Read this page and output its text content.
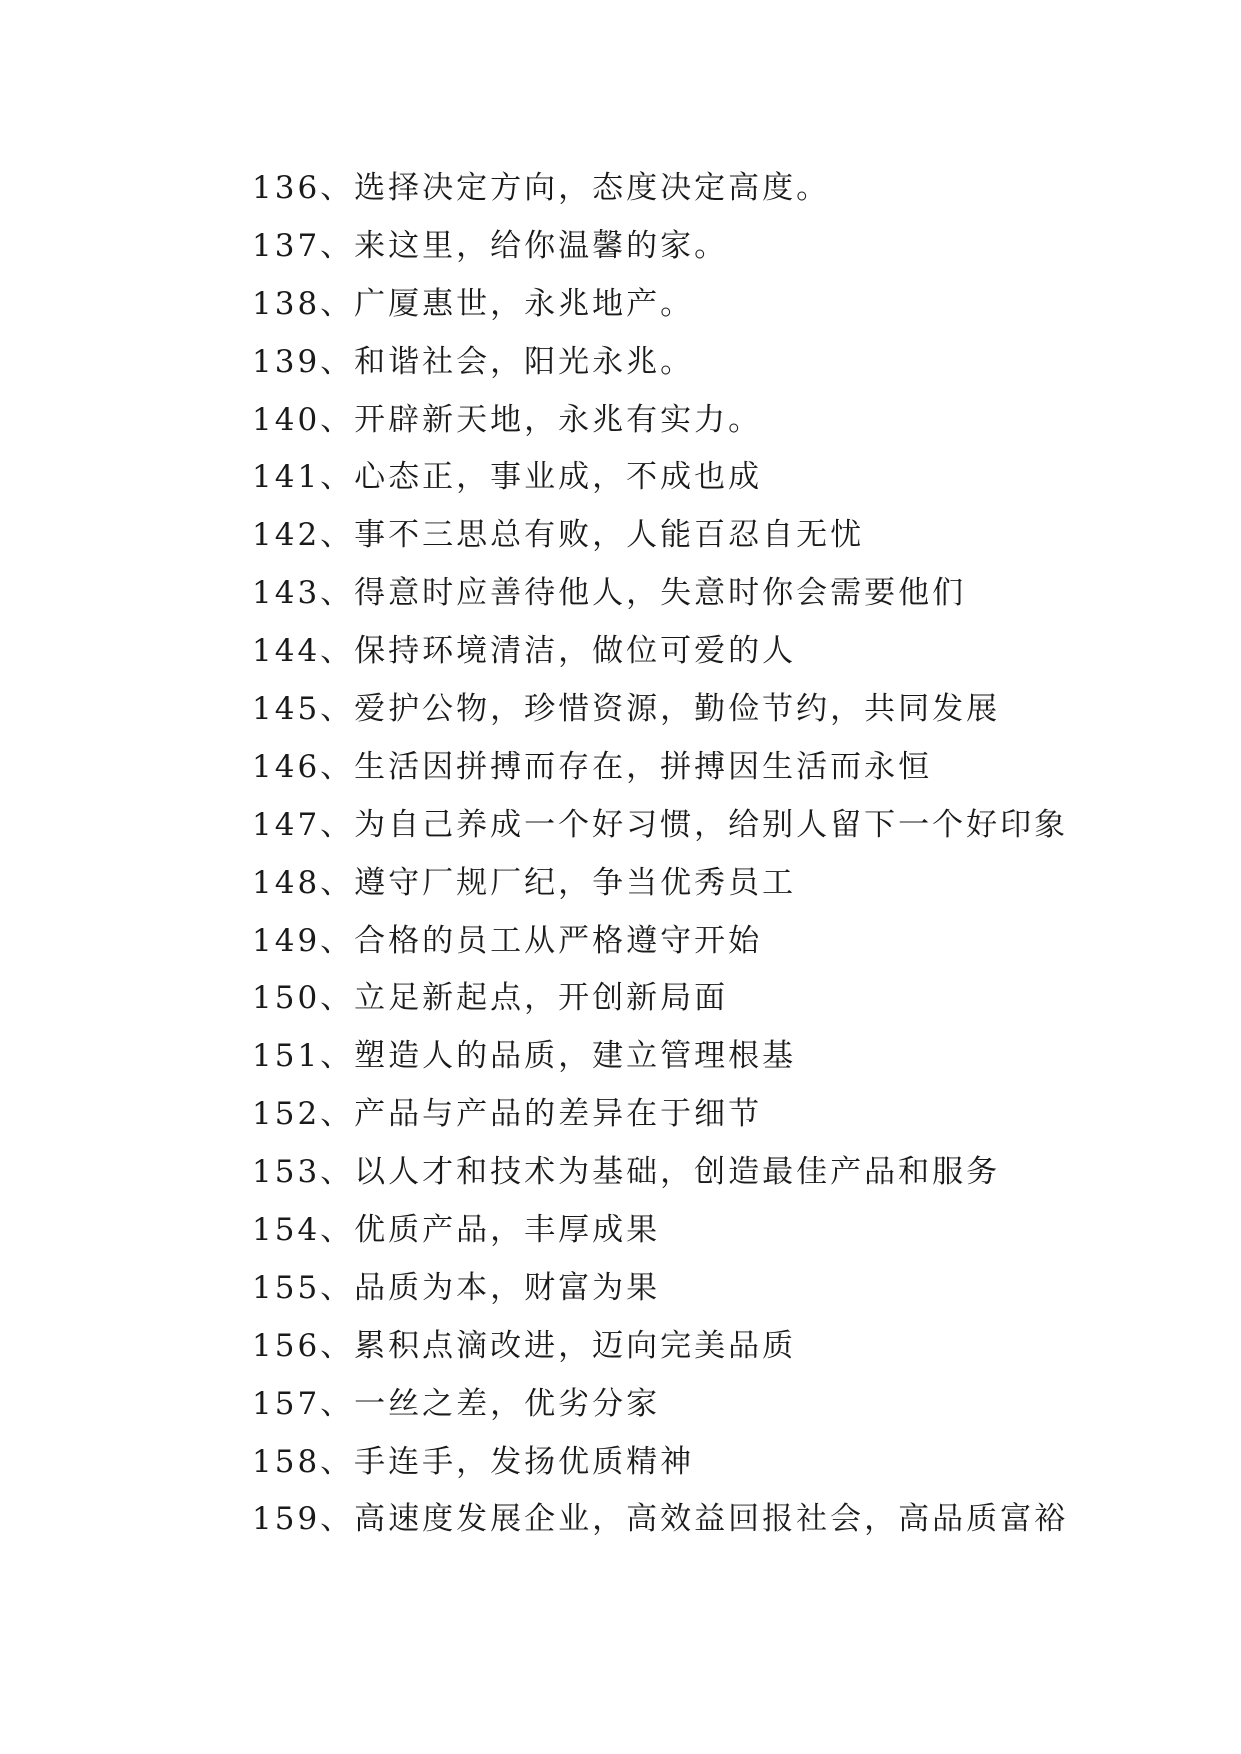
136、选择决定方向，态度决定高度。
137、来这里，给你温馨的家。
138、广厦惠世，永兆地产。
139、和谐社会，阳光永兆。
140、开辟新天地，永兆有实力。
141、心态正，事业成，不成也成
142、事不三思总有败，人能百忍自无忧
143、得意时应善待他人，失意时你会需要他们
144、保持环境清洁，做位可爱的人
145、爱护公物，珍惜资源，勤俭节约，共同发展
146、生活因拼搏而存在，拼搏因生活而永恒
147、为自己养成一个好习惯，给别人留下一个好印象
148、遵守厂规厂纪，争当优秀员工
149、合格的员工从严格遵守开始
150、立足新起点，开创新局面
151、塑造人的品质，建立管理根基
152、产品与产品的差异在于细节
153、以人才和技术为基础，创造最佳产品和服务
154、优质产品，丰厚成果
155、品质为本，财富为果
156、累积点滴改进，迈向完美品质
157、一丝之差，优劣分家
158、手连手，发扬优质精神
159、高速度发展企业，高效益回报社会，高品质富裕
